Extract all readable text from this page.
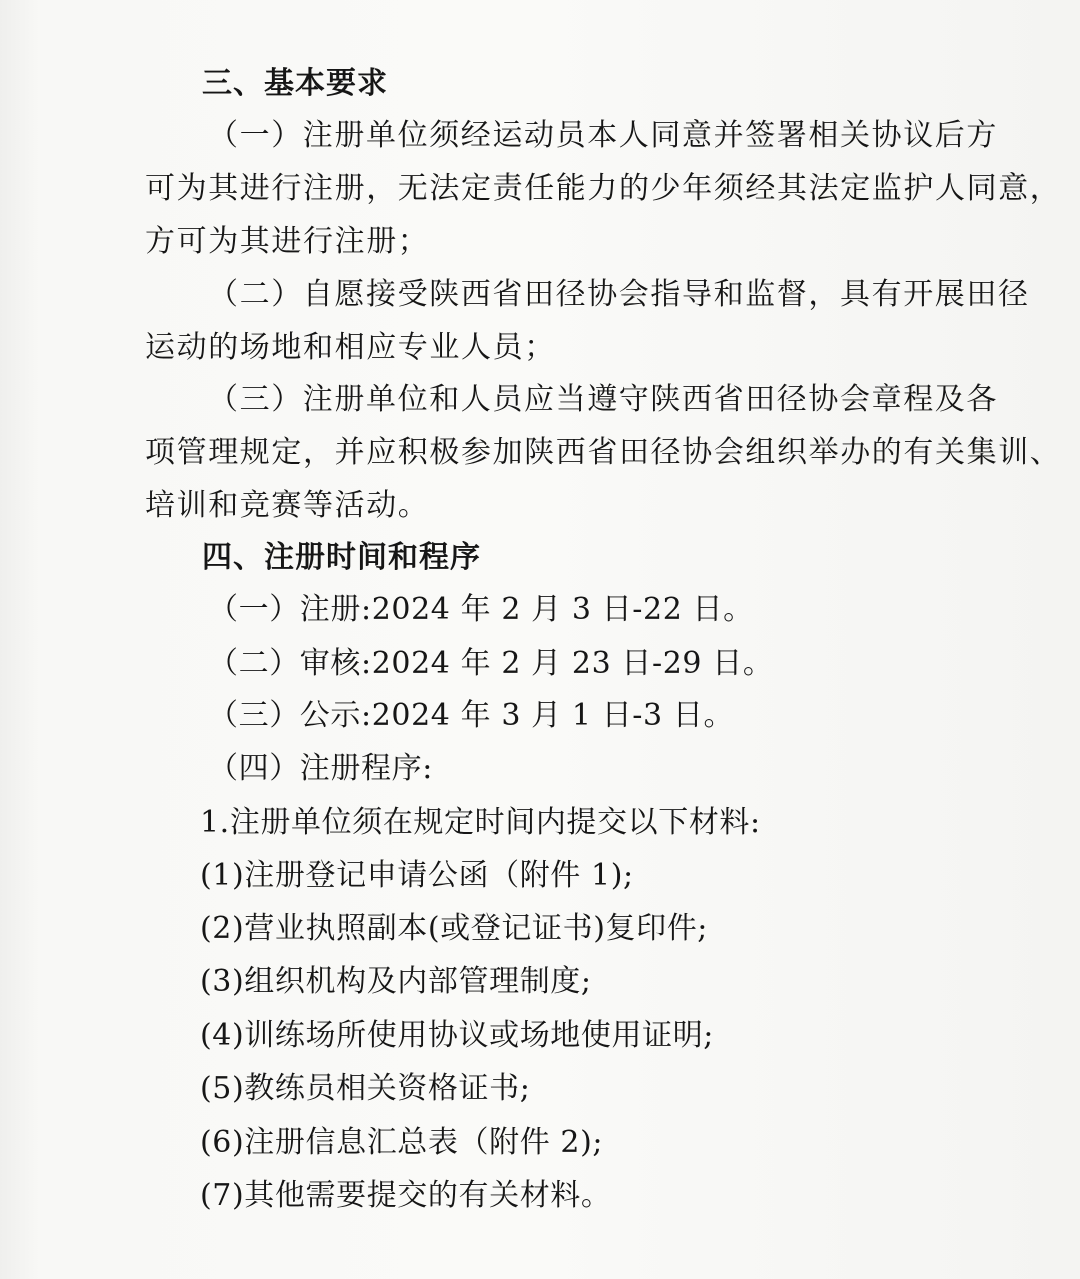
三、基本要求
（一）注册单位须经运动员本人同意并签署相关协议后方
可为其进行注册，无法定责任能力的少年须经其法定监护人同意，
方可为其进行注册；
（二）自愿接受陕西省田径协会指导和监督，具有开展田径
运动的场地和相应专业人员；
（三）注册单位和人员应当遵守陕西省田径协会章程及各
项管理规定，并应积极参加陕西省田径协会组织举办的有关集训、
培训和竞赛等活动。
四、注册时间和程序
（一）注册:2024 年 2 月 3 日-22 日。
（二）审核:2024 年 2 月 23 日-29 日。
（三）公示:2024 年 3 月 1 日-3 日。
（四）注册程序:
1.注册单位须在规定时间内提交以下材料:
(1)注册登记申请公函（附件 1);
(2)营业执照副本(或登记证书)复印件;
(3)组织机构及内部管理制度;
(4)训练场所使用协议或场地使用证明;
(5)教练员相关资格证书;
(6)注册信息汇总表（附件 2);
(7)其他需要提交的有关材料。
